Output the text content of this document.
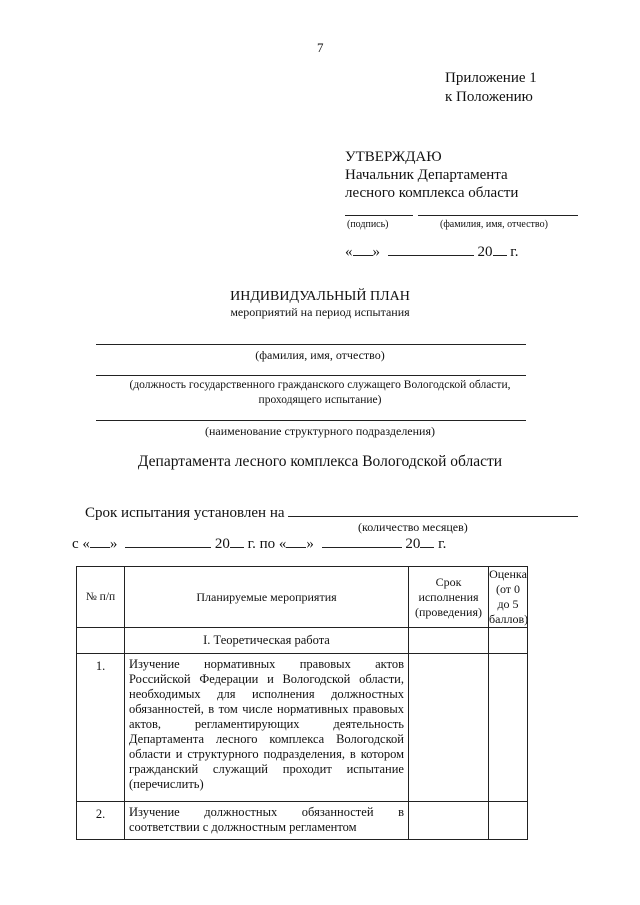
7
Приложение 1
к Положению
УТВЕРЖДАЮ
Начальник Департамента
лесного комплекса области
(подпись)	(фамилия, имя, отчество)
« »	20 г.
ИНДИВИДУАЛЬНЫЙ ПЛАН
мероприятий на период испытания
(фамилия, имя, отчество)
(должность государственного гражданского служащего Вологодской области,
проходящего испытание)
(наименование структурного подразделения)
Департамента лесного комплекса Вологодской области
Срок испытания установлен на
(количество месяцев)
с « »	20 г. по « »	20 г.
№ п/п	Планируемые мероприятия	Срок исполнения (проведения)	Оценка (от 0 до 5 баллов)
	I. Теоретическая работа		
1.	Изучение нормативных правовых актов Российской Федерации и Вологодской области, необходимых для исполнения должностных обязанностей, в том числе нормативных правовых актов, регламентирующих деятельность Департамента лесного комплекса Вологодской области и структурного подразделения, в котором гражданский служащий проходит испытание (перечислить)		
2.	Изучение должностных обязанностей в соответствии с должностным регламентом		
